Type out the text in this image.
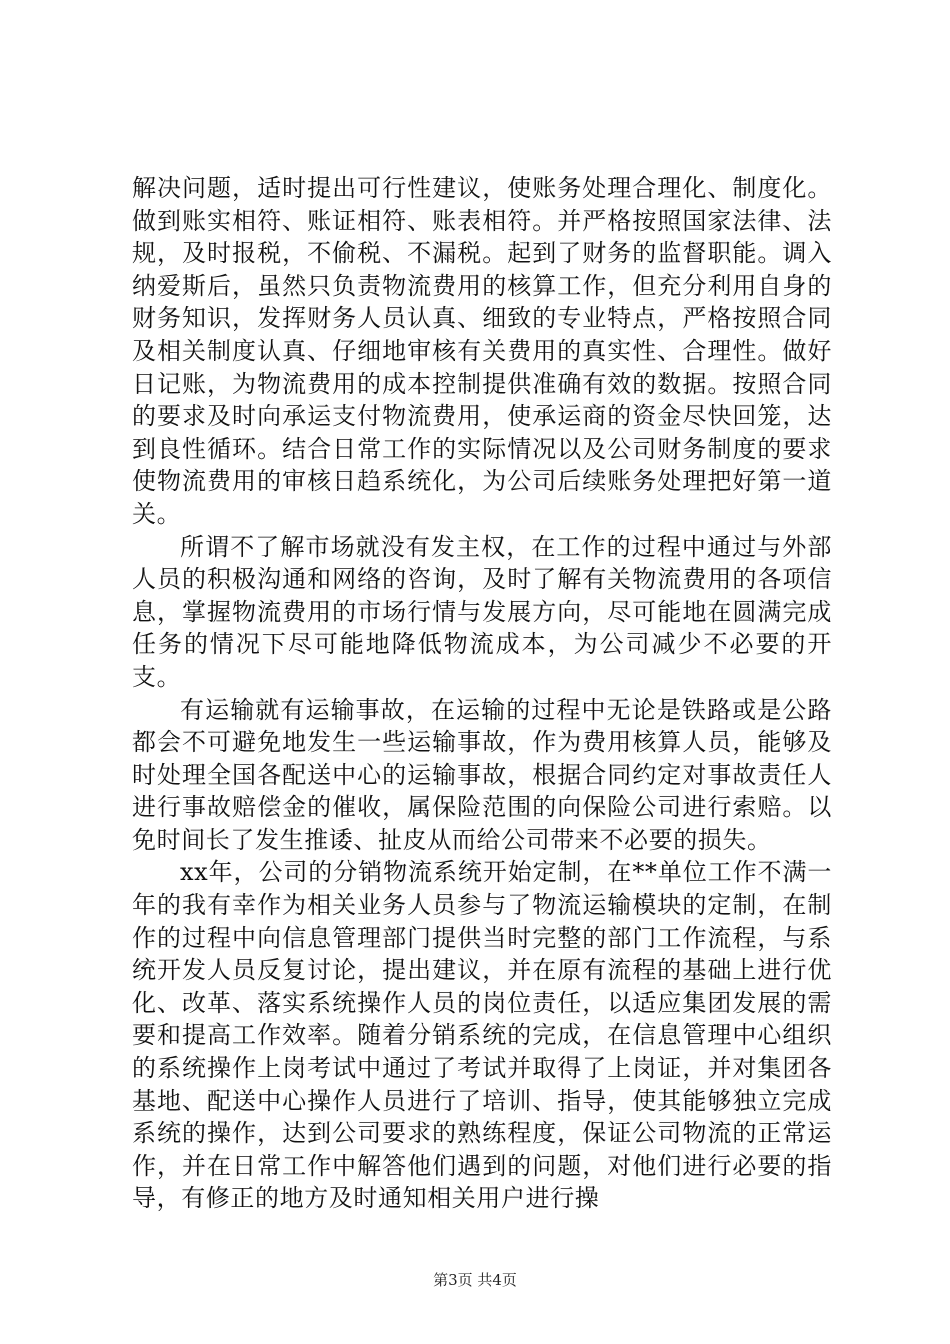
解决问题，适时提出可行性建议，使账务处理合理化、制度化。做到账实相符、账证相符、账表相符。并严格按照国家法律、法规，及时报税，不偷税、不漏税。起到了财务的监督职能。调入纳爱斯后，虽然只负责物流费用的核算工作，但充分利用自身的财务知识，发挥财务人员认真、细致的专业特点，严格按照合同及相关制度认真、仔细地审核有关费用的真实性、合理性。做好日记账，为物流费用的成本控制提供准确有效的数据。按照合同的要求及时向承运支付物流费用，使承运商的资金尽快回笼，达到良性循环。结合日常工作的实际情况以及公司财务制度的要求使物流费用的审核日趋系统化，为公司后续账务处理把好第一道关。

所谓不了解市场就没有发主权，在工作的过程中通过与外部人员的积极沟通和网络的咨询，及时了解有关物流费用的各项信息，掌握物流费用的市场行情与发展方向，尽可能地在圆满完成任务的情况下尽可能地降低物流成本，为公司减少不必要的开支。

有运输就有运输事故，在运输的过程中无论是铁路或是公路都会不可避免地发生一些运输事故，作为费用核算人员，能够及时处理全国各配送中心的运输事故，根据合同约定对事故责任人进行事故赔偿金的催收，属保险范围的向保险公司进行索赔。以免时间长了发生推诿、扯皮从而给公司带来不必要的损失。

xx年，公司的分销物流系统开始定制，在**单位工作不满一年的我有幸作为相关业务人员参与了物流运输模块的定制，在制作的过程中向信息管理部门提供当时完整的部门工作流程，与系统开发人员反复讨论，提出建议，并在原有流程的基础上进行优化、改革、落实系统操作人员的岗位责任，以适应集团发展的需要和提高工作效率。随着分销系统的完成，在信息管理中心组织的系统操作上岗考试中通过了考试并取得了上岗证，并对集团各基地、配送中心操作人员进行了培训、指导，使其能够独立完成系统的操作，达到公司要求的熟练程度，保证公司物流的正常运作，并在日常工作中解答他们遇到的问题，对他们进行必要的指导，有修正的地方及时通知相关用户进行操

第3页 共4页
